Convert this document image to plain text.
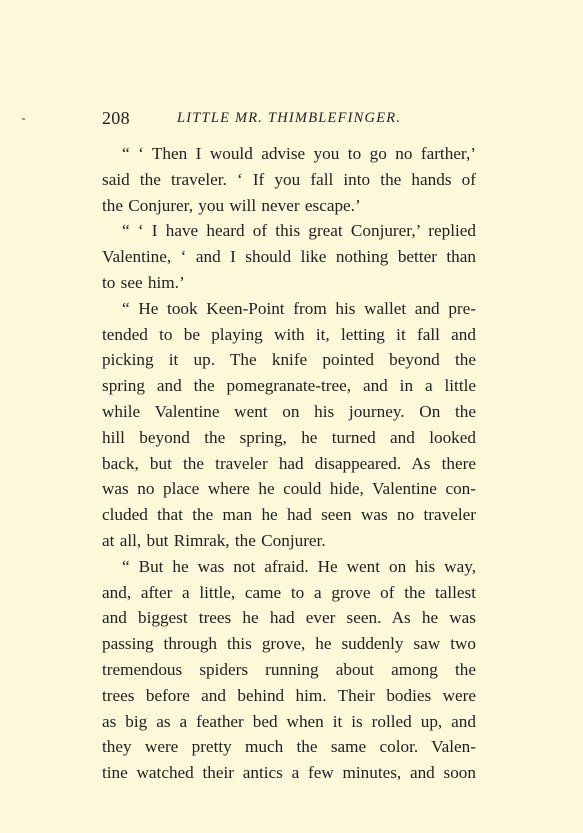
208	LITTLE MR. THIMBLEFINGER.
“ ‘ Then I would advise you to go no farther,’
said the traveler. ‘ If you fall into the hands of
the Conjurer, you will never escape.’
“ ‘ I have heard of this great Conjurer,’ replied
Valentine, ‘ and I should like nothing better than
to see him.’
“ He took Keen-Point from his wallet and pre-
tended to be playing with it, letting it fall and
picking it up. The knife pointed beyond the
spring and the pomegranate-tree, and in a little
while Valentine went on his journey. On the
hill beyond the spring, he turned and looked
back, but the traveler had disappeared. As there
was no place where he could hide, Valentine con-
cluded that the man he had seen was no traveler
at all, but Rimrak, the Conjurer.
“ But he was not afraid. He went on his way,
and, after a little, came to a grove of the tallest
and biggest trees he had ever seen. As he was
passing through this grove, he suddenly saw two
tremendous spiders running about among the
trees before and behind him. Their bodies were
as big as a feather bed when it is rolled up, and
they were pretty much the same color. Valen-
tine watched their antics a few minutes, and soon
